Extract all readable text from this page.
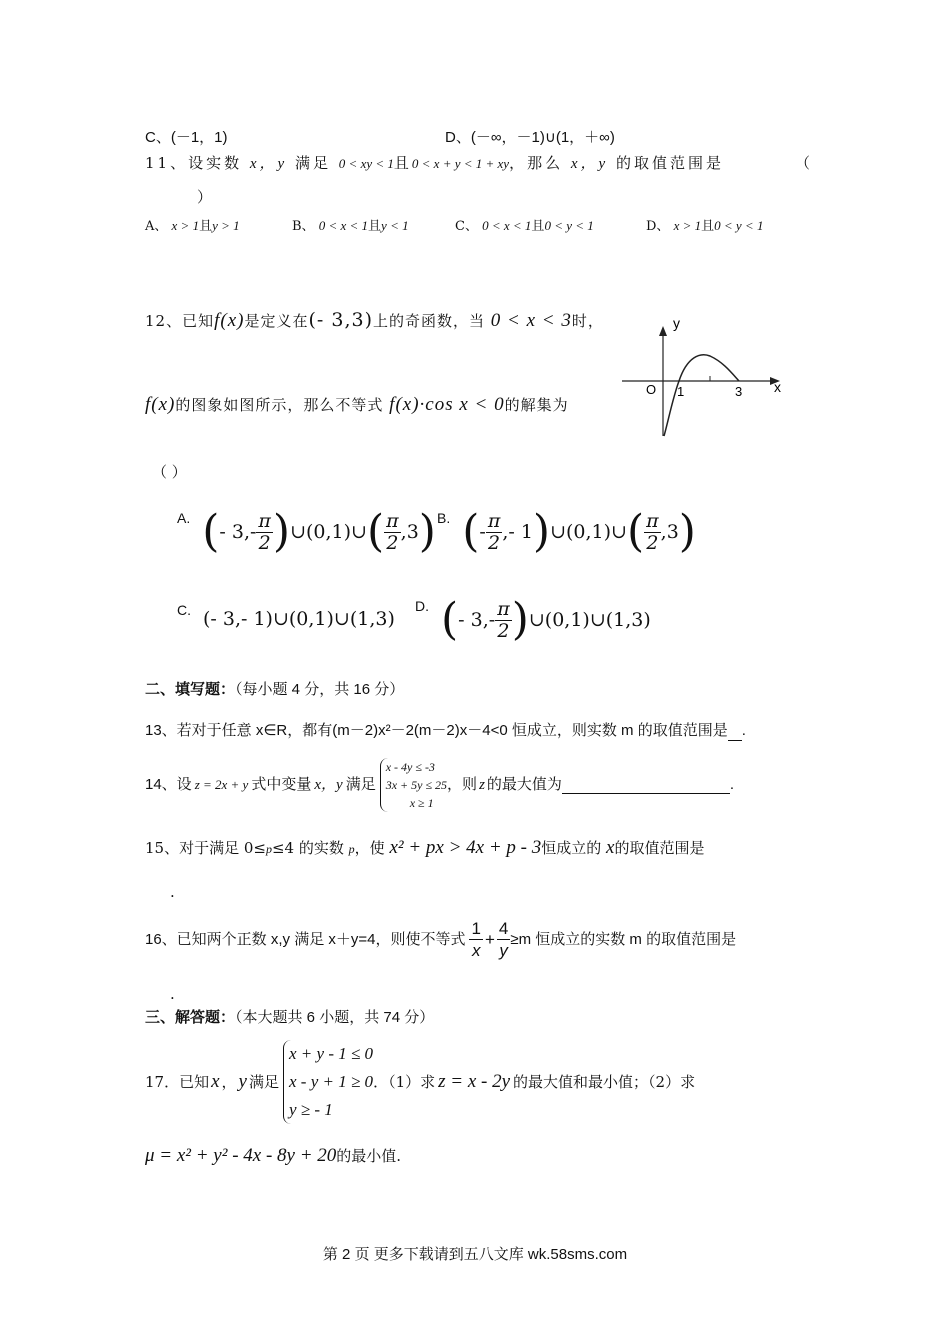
C、(－1，1)	D、(－∞，－1)∪(1，＋∞)
11、设实数 x，y 满足 0 < xy < 1且0 < x + y < 1 + xy，那么 x，y 的取值范围是	（
）
A、 x > 1且y > 1	B、 0 < x < 1且y < 1	C、 0 < x < 1且0 < y < 1	D、 x > 1且0 < y < 1
12、已知f(x)是定义在(- 3,3)上的奇函数，当 0 < x < 3时，
f(x)的图象如图所示，那么不等式 f(x)·cos x < 0的解集为
（ ）
y
x
O 1	3
A. ( - $3,- \frac{\pi}{2}$ ) ∪(0,1)∪ ( $\frac{\pi}{2} ,3$ ) B. ( - $\frac{\pi}{2}$ ,- 1 ) ∪(0,1)∪ ( $\frac{\pi}{2} ,3$ )
C. (- 3,- 1)∪(0,1)∪(1,3)
D. ( - $3,- \frac{\pi}{2}$ ) ∪(0,1)∪(1,3)
二、填写题：（每小题 4 分，共 16 分）
13、若对于任意 x∈R，都有(m－2)x²－2(m－2)x－4<0 恒成立，则实数 m 的取值范围是 .
14、设 z = 2x + y 式中变量 x，y 满足
x - 4y ≤ -3
3x + 5y ≤ 25
x ≥ 1
，则 z 的最大值为	.
15、对于满足 0≤p≤4 的实数 p，使 x² + px > 4x + p - 3恒成立的 x的取值范围是
.
16、已知两个正数 x,y 满足 x＋y=4，则使不等式 $\frac{1}{x} + \frac{4}{y} \ge m$ 恒成立的实数 m 的取值范围是
.
三、解答题：（本大题共 6 小题，共 74 分）
17．已知 x ， y 满足
x + y - 1 ≤ 0
x - y + 1 ≥ 0
y ≥ - 1
．（1）求 z = x - 2y 的最大值和最小值；（2）求
μ = x² + y² - 4x - 8y + 20的最小值.
第 2 页 更多下载请到五八文库 wk.58sms.com
